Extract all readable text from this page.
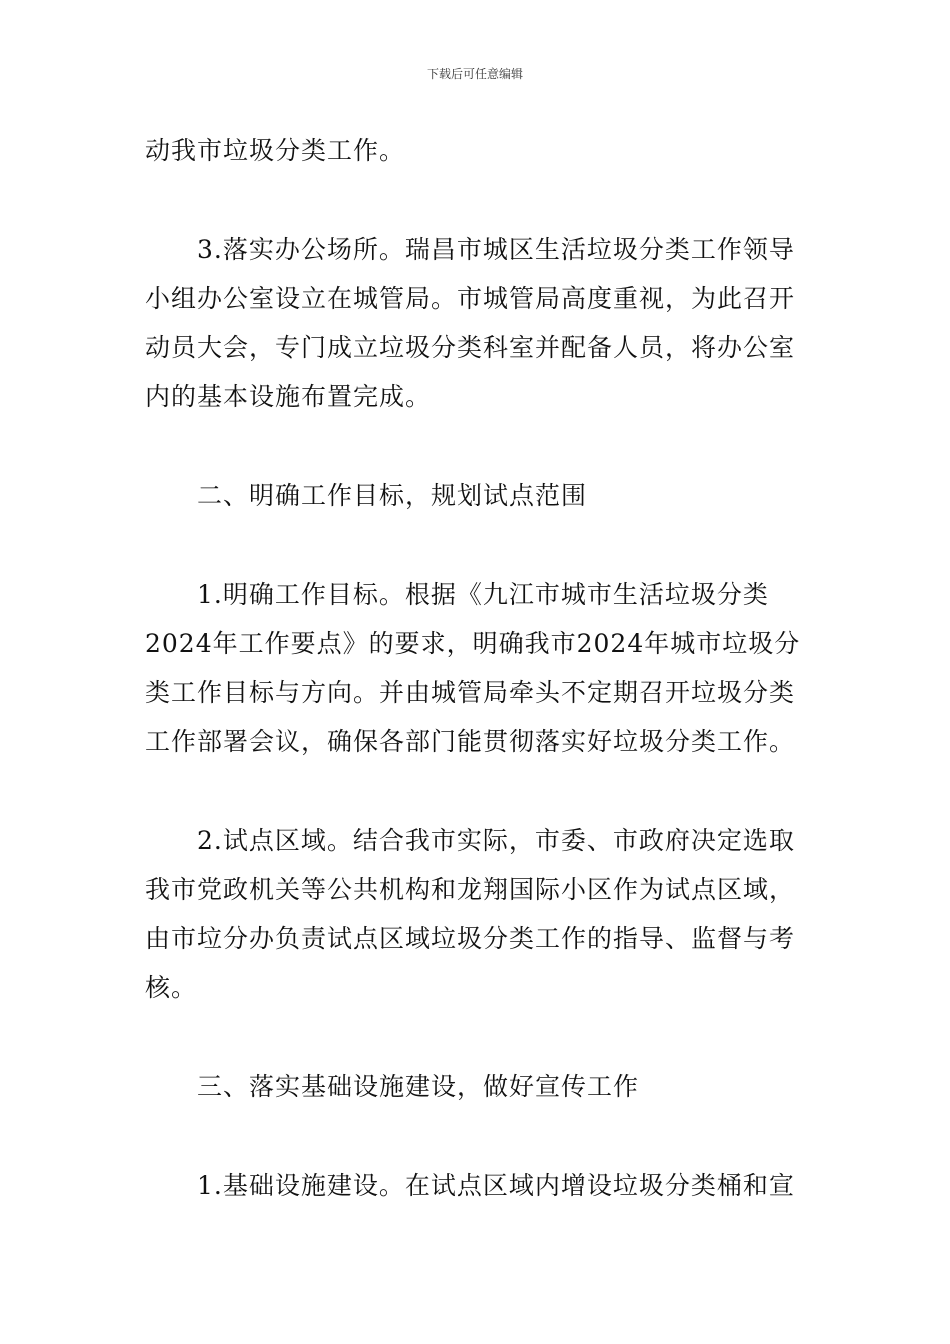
下载后可任意编辑

动我市垃圾分类工作。

3.落实办公场所。瑞昌市城区生活垃圾分类工作领导小组办公室设立在城管局。市城管局高度重视，为此召开动员大会，专门成立垃圾分类科室并配备人员，将办公室内的基本设施布置完成。

二、明确工作目标，规划试点范围

1.明确工作目标。根据《九江市城市生活垃圾分类2024年工作要点》的要求，明确我市2024年城市垃圾分类工作目标与方向。并由城管局牵头不定期召开垃圾分类工作部署会议，确保各部门能贯彻落实好垃圾分类工作。

2.试点区域。结合我市实际，市委、市政府决定选取我市党政机关等公共机构和龙翔国际小区作为试点区域，由市垃分办负责试点区域垃圾分类工作的指导、监督与考核。

三、落实基础设施建设，做好宣传工作

1.基础设施建设。在试点区域内增设垃圾分类桶和宣
